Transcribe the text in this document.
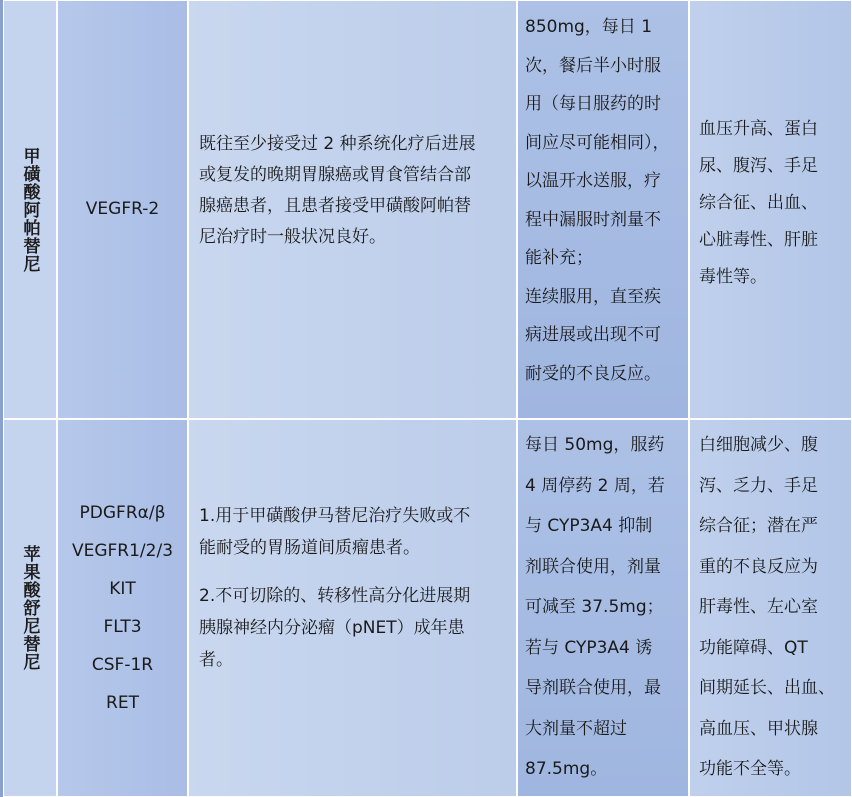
甲磺酸阿帕替尼	VEGFR-2
既往至少接受过 2 种系统化疗后进展
或复发的晚期胃腺癌或胃食管结合部
腺癌患者，且患者接受甲磺酸阿帕替
尼治疗时一般状况良好。
850mg，每日 1
次，餐后半小时服
用（每日服药的时
间应尽可能相同），
以温开水送服，疗
程中漏服时剂量不
能补充；
连续服用，直至疾
病进展或出现不可
耐受的不良反应。
血压升高、蛋白
尿、腹泻、手足
综合征、出血、
心脏毒性、肝脏
毒性等。
苹果酸舒尼替尼
PDGFRα/β
VEGFR1/2/3
KIT
FLT3
CSF-1R
RET
1.用于甲磺酸伊马替尼治疗失败或不
能耐受的胃肠道间质瘤患者。
2.不可切除的、转移性高分化进展期
胰腺神经内分泌瘤（pNET）成年患
者。
每日 50mg，服药
4 周停药 2 周，若
与 CYP3A4 抑制
剂联合使用，剂量
可减至 37.5mg；
若与 CYP3A4 诱
导剂联合使用，最
大剂量不超过
87.5mg。
白细胞减少、腹
泻、乏力、手足
综合征；潜在严
重的不良反应为
肝毒性、左心室
功能障碍、QT
间期延长、出血、
高血压、甲状腺
功能不全等。
